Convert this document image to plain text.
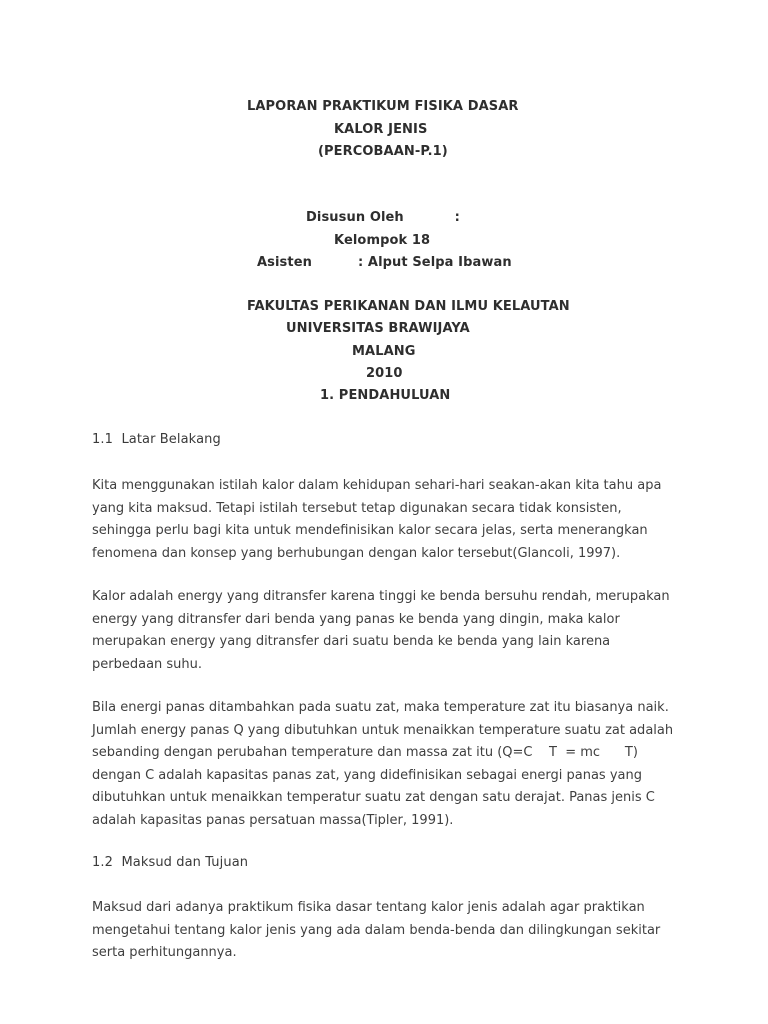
LAPORAN PRAKTIKUM FISIKA DASAR
KALOR JENIS
(PERCOBAAN-P.1)
Disusun Oleh           :
Kelompok 18
Asisten	: Alput Selpa Ibawan
FAKULTAS PERIKANAN DAN ILMU KELAUTAN
UNIVERSITAS BRAWIJAYA
MALANG
2010
1. PENDAHULUAN
1.1  Latar Belakang
Kita menggunakan istilah kalor dalam kehidupan sehari-hari seakan-akan kita tahu apa
yang kita maksud. Tetapi istilah tersebut tetap digunakan secara tidak konsisten,
sehingga perlu bagi kita untuk mendefinisikan kalor secara jelas, serta menerangkan
fenomena dan konsep yang berhubungan dengan kalor tersebut(Glancoli, 1997).
Kalor adalah energy yang ditransfer karena tinggi ke benda bersuhu rendah, merupakan
energy yang ditransfer dari benda yang panas ke benda yang dingin, maka kalor
merupakan energy yang ditransfer dari suatu benda ke benda yang lain karena
perbedaan suhu.
Bila energi panas ditambahkan pada suatu zat, maka temperature zat itu biasanya naik.
Jumlah energy panas Q yang dibutuhkan untuk menaikkan temperature suatu zat adalah
sebanding dengan perubahan temperature dan massa zat itu (Q=C    T  = mc      T)
dengan C adalah kapasitas panas zat, yang didefinisikan sebagai energi panas yang
dibutuhkan untuk menaikkan temperatur suatu zat dengan satu derajat. Panas jenis C
adalah kapasitas panas persatuan massa(Tipler, 1991).
1.2  Maksud dan Tujuan
Maksud dari adanya praktikum fisika dasar tentang kalor jenis adalah agar praktikan
mengetahui tentang kalor jenis yang ada dalam benda-benda dan dilingkungan sekitar
serta perhitungannya.
